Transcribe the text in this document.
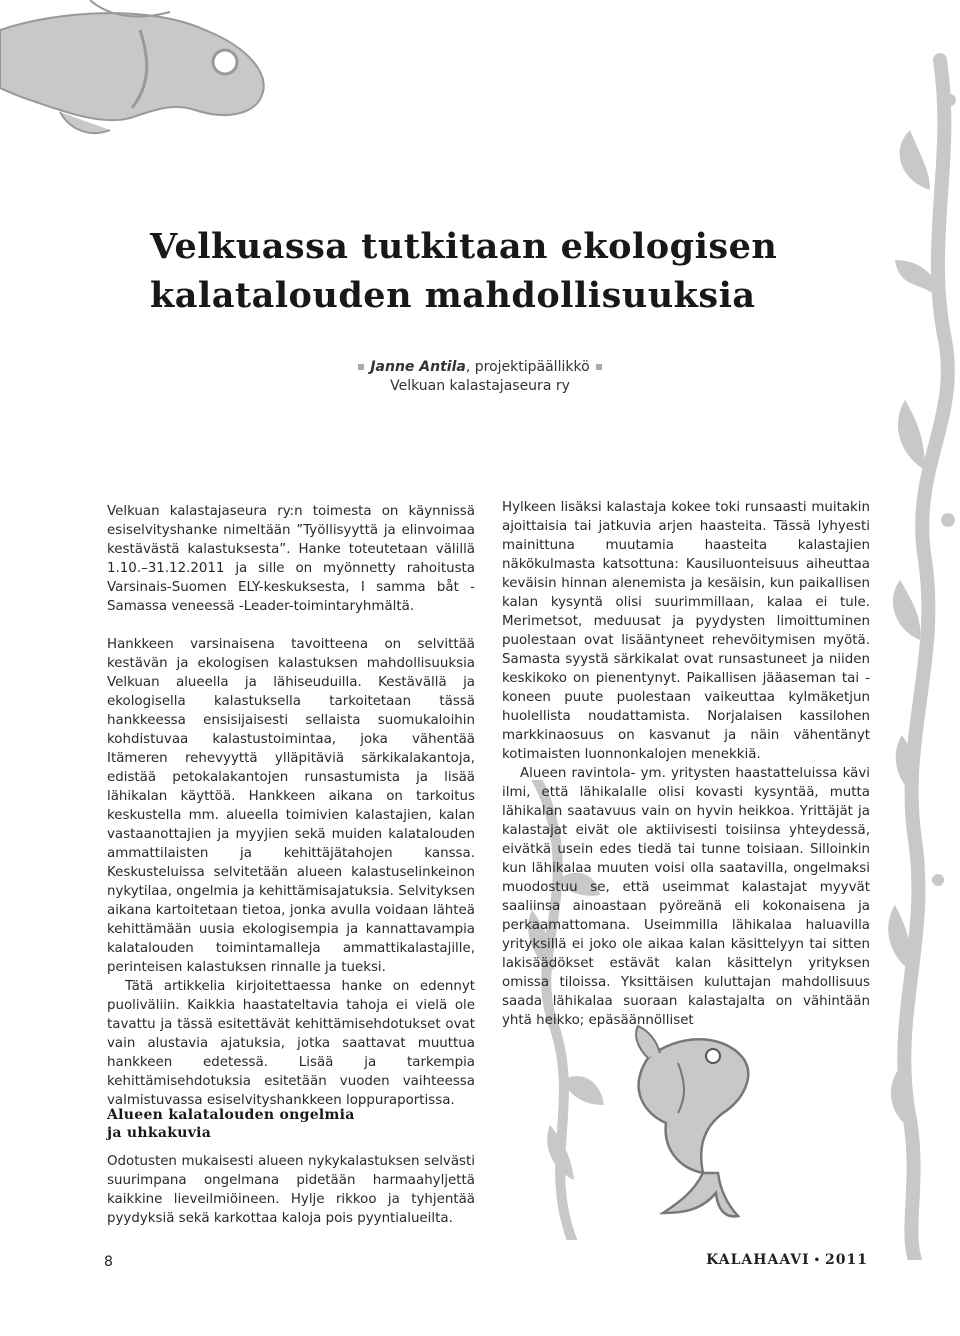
Velkuassa tutkitaan ekologisen
kalatalouden mahdollisuuksia
Janne Antila, projektipäällikkö
Velkuan kalastajaseura ry

Velkuan kalastajaseura ry:n toimesta on käynnissä esiselvityshanke nimeltään ”Työllisyyttä ja elinvoimaa kestävästä kalastuksesta”. Hanke toteutetaan välillä 1.10.–31.12.2011 ja sille on myönnetty rahoitusta Varsinais-Suomen ELY-keskuksesta, I samma båt - Samassa veneessä -Leader-toimintaryhmältä.

Hankkeen varsinaisena tavoitteena on selvittää kestävän ja ekologisen kalastuksen mahdollisuuksia Velkuan alueella ja lähiseuduilla. Kestävällä ja ekologisella kalastuksella tarkoitetaan tässä hankkeessa ensisijaisesti sellaista suomukaloihin kohdistuvaa kalastustoimintaa, joka vähentää Itämeren rehevyyttä ylläpitäviä särkikalakantoja, edistää petokalakantojen runsastumista ja lisää lähikalan käyttöä. Hankkeen aikana on tarkoitus keskustella mm. alueella toimivien kalastajien, kalan vastaanottajien ja myyjien sekä muiden kalatalouden ammattilaisten ja kehittäjätahojen kanssa. Keskusteluissa selvitetään alueen kalastuselinkeinon nykytilaa, ongelmia ja kehittämisajatuksia. Selvityksen aikana kartoitetaan tietoa, jonka avulla voidaan lähteä kehittämään uusia ekologisempia ja kannattavampia kalatalouden toimintamalleja ammattikalastajille, perinteisen kalastuksen rinnalle ja tueksi.

Tätä artikkelia kirjoitettaessa hanke on edennyt puoliväliin. Kaikkia haastateltavia tahoja ei vielä ole tavattu ja tässä esitettävät kehittämisehdotukset ovat vain alustavia ajatuksia, jotka saattavat muuttua hankkeen edetessä. Lisää ja tarkempia kehittämisehdotuksia esitetään vuoden vaihteessa valmistuvassa esiselvityshankkeen loppuraportissa.

Alueen kalatalouden ongelmia
ja uhkakuvia

Odotusten mukaisesti alueen nykykalastuksen selvästi suurimpana ongelmana pidetään harmaahyljettä kaikkine lieveilmiöineen. Hylje rikkoo ja tyhjentää pyydyksiä sekä karkottaa kaloja pois pyyntialueilta.

Hylkeen lisäksi kalastaja kokee toki runsaasti muitakin ajoittaisia tai jatkuvia arjen haasteita. Tässä lyhyesti mainittuna muutamia haasteita kalastajien näkökulmasta katsottuna: Kausiluonteisuus aiheuttaa keväisin hinnan alenemista ja kesäisin, kun paikallisen kalan kysyntä olisi suurimmillaan, kalaa ei tule. Merimetsot, meduusat ja pyydysten limoittuminen puolestaan ovat lisääntyneet rehevöitymisen myötä. Samasta syystä särkikalat ovat runsastuneet ja niiden keskikoko on pienentynyt. Paikallisen jääaseman tai -koneen puute puolestaan vaikeuttaa kylmäketjun huolellista noudattamista. Norjalaisen kassilohen markkinaosuus on kasvanut ja näin vähentänyt kotimaisten luonnonkalojen menekkiä.

Alueen ravintola- ym. yritysten haastatteluissa kävi ilmi, että lähikalalle olisi kovasti kysyntää, mutta lähikalan saatavuus vain on hyvin heikkoa. Yrittäjät ja kalastajat eivät ole aktiivisesti toisiinsa yhteydessä, eivätkä usein edes tiedä tai tunne toisiaan. Silloinkin kun lähikalaa muuten voisi olla saatavilla, ongelmaksi muodostuu se, että useimmat kalastajat myyvät saaliinsa ainoastaan pyöreänä eli kokonaisena ja perkaamattomana. Useimmilla lähikalaa haluavilla yrityksillä ei joko ole aikaa kalan käsittelyyn tai sitten lakisäädökset estävät kalan käsittelyn yrityksen omissa tiloissa. Yksittäisen kuluttajan mahdollisuus saada lähikalaa suoraan kalastajalta on vähintään yhtä heikko; epäsäännölliset

8	KALAHAAVI • 2011
